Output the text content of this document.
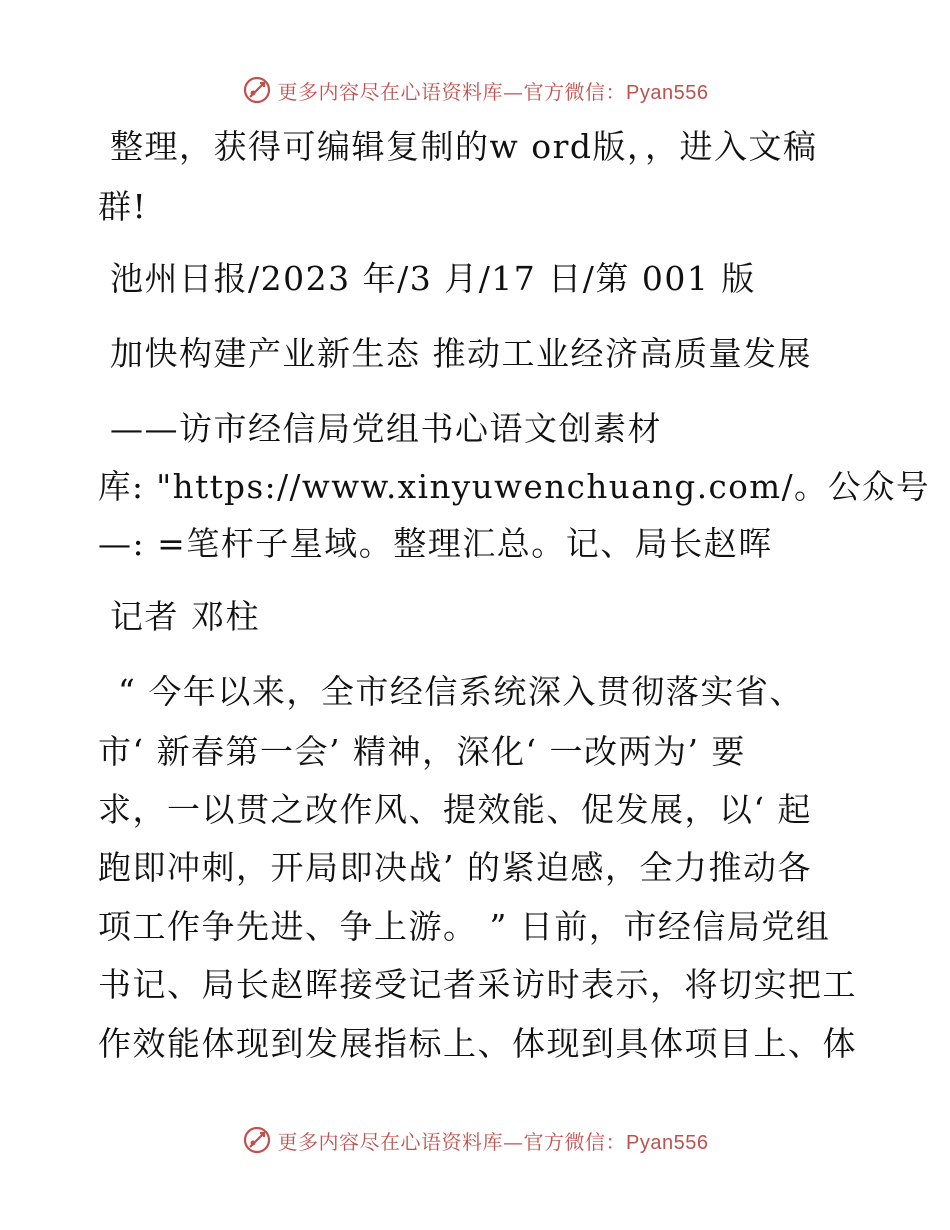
更多内容尽在心语资料库—官方微信：Pyan556
整理，获得可编辑复制的w ord版，，进入文稿
群!
池州日报/2023 年/3 月/17 日/第 001 版
加快构建产业新生态 推动工业经济高质量发展
——访市经信局党组书心语文创素材
库: "https://www.xinyuwenchuang.com/。公众号
—: =笔杆子星域。整理汇总。记、局长赵晖
记者 邓柱
“ 今年以来，全市经信系统深入贯彻落实省、
市‘ 新春第一会’ 精神，深化‘ 一改两为’ 要
求，一以贯之改作风、提效能、促发展，以‘ 起
跑即冲刺，开局即决战’ 的紧迫感，全力推动各
项工作争先进、争上游。 ” 日前，市经信局党组
书记、局长赵晖接受记者采访时表示，将切实把工
作效能体现到发展指标上、体现到具体项目上、体
更多内容尽在心语资料库—官方微信：Pyan556
